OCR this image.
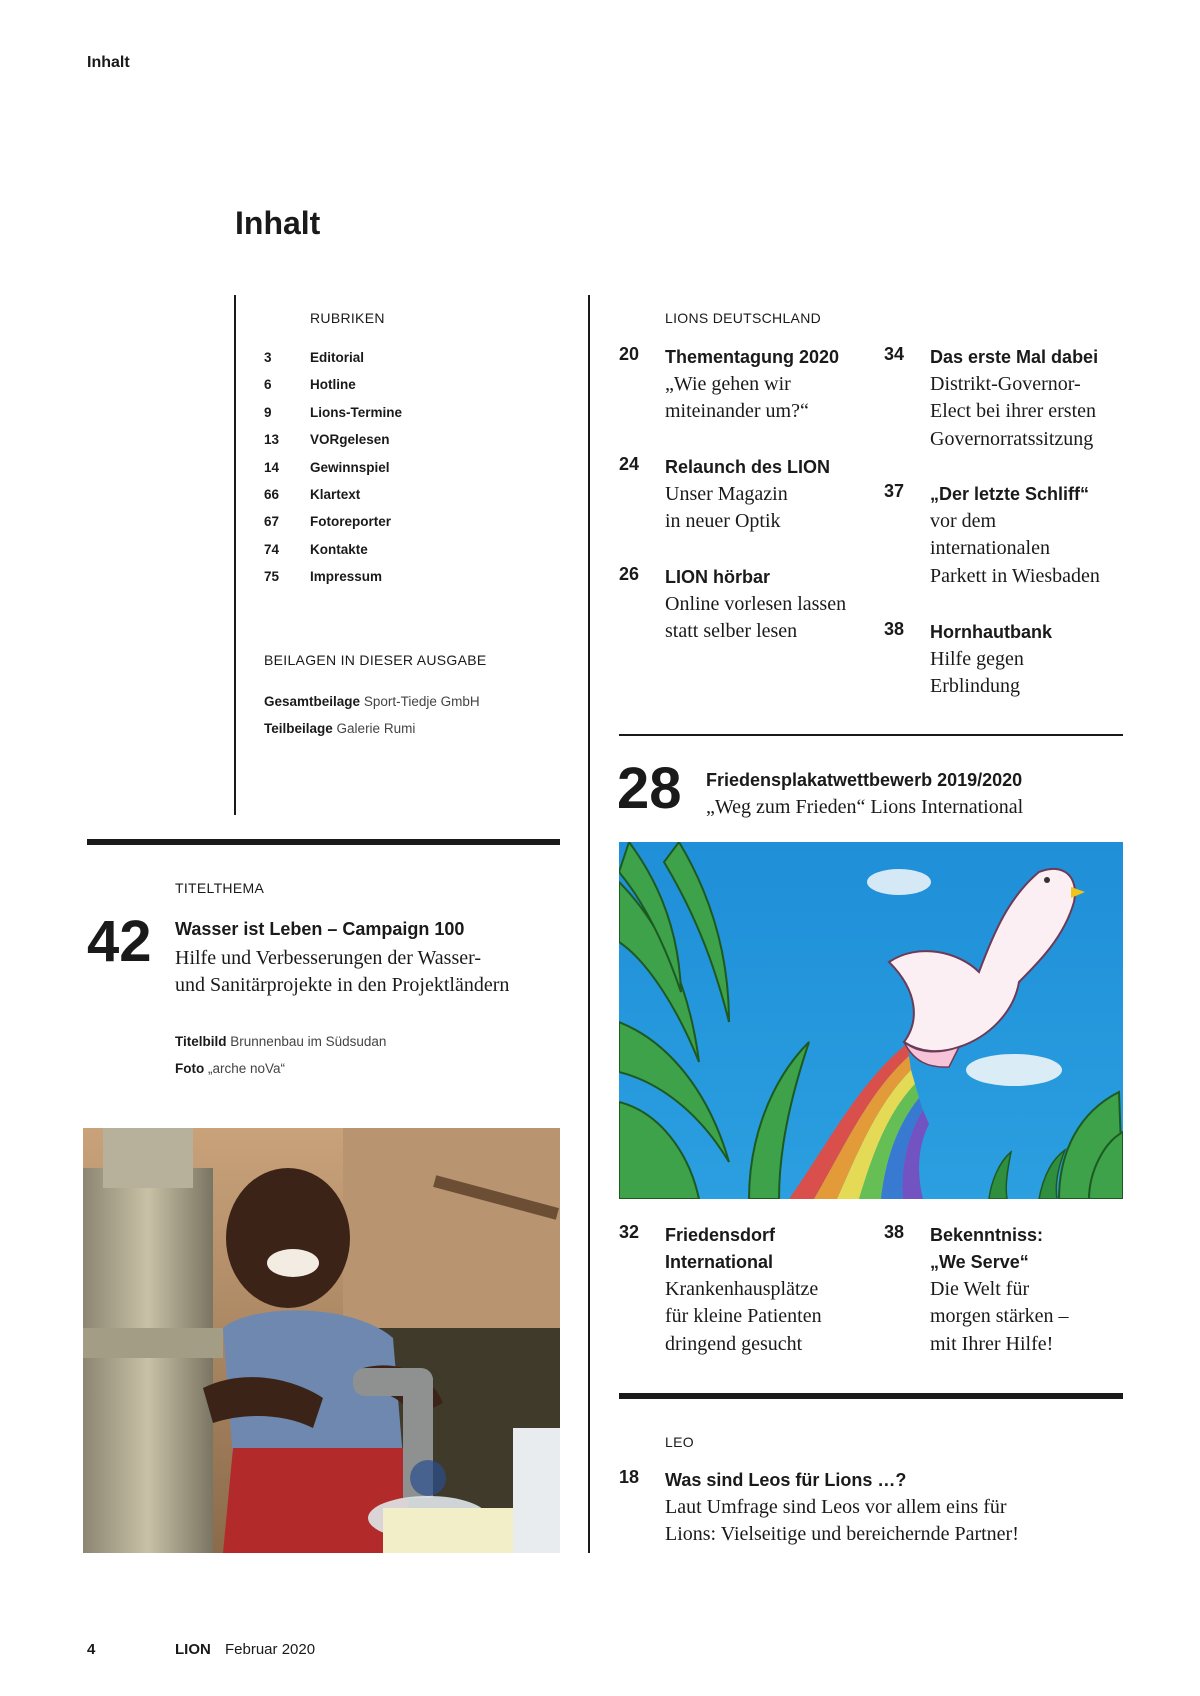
Inhalt
Inhalt
RUBRIKEN
3	Editorial
6	Hotline
9	Lions-Termine
13	VORgelesen
14	Gewinnspiel
66	Klartext
67	Fotoreporter
74	Kontakte
75	Impressum
BEILAGEN IN DIESER AUSGABE
Gesamtbeilage Sport-Tiedje GmbH
Teilbeilage Galerie Rumi
LIONS DEUTSCHLAND
20 Thementagung 2020
„Wie gehen wir
miteinander um?“
24 Relaunch des LION
Unser Magazin
in neuer Optik
26 LION hörbar
Online vorlesen lassen
statt selber lesen
34 Das erste Mal dabei
Distrikt-Governor-
Elect bei ihrer ersten
Governorratssitzung
37 „Der letzte Schliff“
vor dem
internationalen
Parkett in Wiesbaden
38 Hornhautbank
Hilfe gegen
Erblindung
28 Friedensplakatwettbewerb 2019/2020
„Weg zum Frieden“ Lions International
32 Friedensdorf
International
Krankenhausplätze
für kleine Patienten
dringend gesucht
38 Bekenntniss:
„We Serve“
Die Welt für
morgen stärken –
mit Ihrer Hilfe!
LEO
18 Was sind Leos für Lions …?
Laut Umfrage sind Leos vor allem eins für
Lions: Vielseitige und bereichernde Partner!
TITELTHEMA
42 Wasser ist Leben – Campaign 100
Hilfe und Verbesserungen der Wasser-
und Sanitärprojekte in den Projektländern
Titelbild Brunnenbau im Südsudan
Foto „arche noVa“
4	LION Februar 2020
